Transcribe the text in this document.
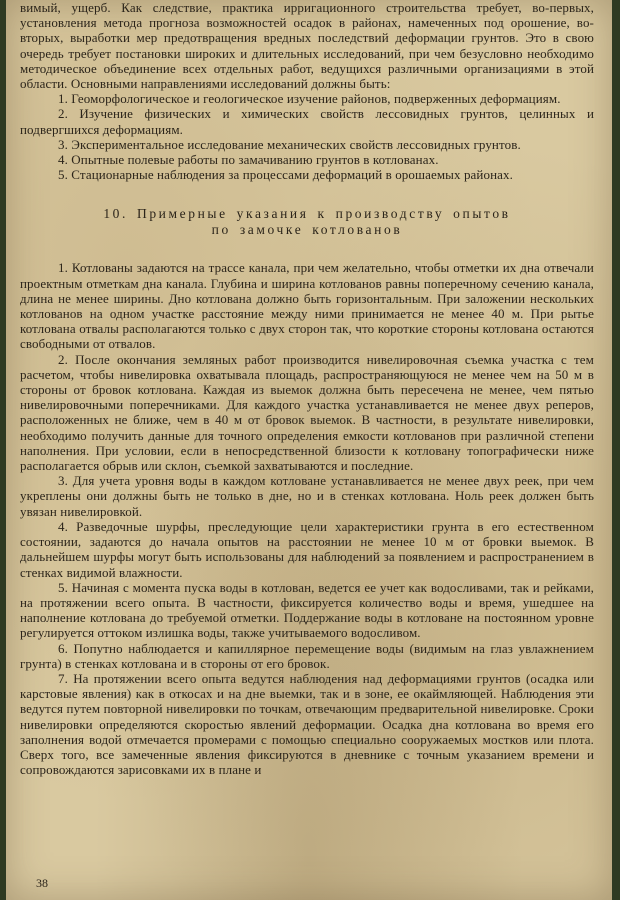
вимый, ущерб. Как следствие, практика ирригационного строительства требует, во-первых, установления метода прогноза возможностей осадок в районах, намеченных под орошение, во-вторых, выработки мер предотвращения вредных последствий деформации грунтов. Это в свою очередь требует постановки широких и длительных исследований, при чем безусловно необходимо методическое объединение всех отдельных работ, ведущихся различными организациями в этой области. Основными направлениями исследований должны быть:

1. Геоморфологическое и геологическое изучение районов, подверженных деформациям.

2. Изучение физических и химических свойств лессовидных грунтов, целинных и подвергшихся деформациям.

3. Экспериментальное исследование механических свойств лессовидных грунтов.

4. Опытные полевые работы по замачиванию грунтов в котлованах.

5. Стационарные наблюдения за процессами деформаций в орошаемых районах.

10. Примерные указания к производству опытов
по замочке котлованов

1. Котлованы задаются на трассе канала, при чем желательно, чтобы отметки их дна отвечали проектным отметкам дна канала. Глубина и ширина котлованов равны поперечному сечению канала, длина не менее ширины. Дно котлована должно быть горизонтальным. При заложении нескольких котлованов на одном участке расстояние между ними принимается не менее 40 м. При рытье котлована отвалы располагаются только с двух сторон так, что короткие стороны котлована остаются свободными от отвалов.

2. После окончания земляных работ производится нивелировочная съемка участка с тем расчетом, чтобы нивелировка охватывала площадь, распространяющуюся не менее чем на 50 м в стороны от бровок котлована. Каждая из выемок должна быть пересечена не менее, чем пятью нивелировочными поперечниками. Для каждого участка устанавливается не менее двух реперов, расположенных не ближе, чем в 40 м от бровок выемок. В частности, в результате нивелировки, необходимо получить данные для точного определения емкости котлованов при различной степени наполнения. При условии, если в непосредственной близости к котловану топографически ниже располагается обрыв или склон, съемкой захватываются и последние.

3. Для учета уровня воды в каждом котловане устанавливается не менее двух реек, при чем укреплены они должны быть не только в дне, но и в стенках котлована. Ноль реек должен быть увязан нивелировкой.

4. Разведочные шурфы, преследующие цели характеристики грунта в его естественном состоянии, задаются до начала опытов на расстоянии не менее 10 м от бровки выемок. В дальнейшем шурфы могут быть использованы для наблюдений за появлением и распространением в стенках видимой влажности.

5. Начиная с момента пуска воды в котлован, ведется ее учет как водосливами, так и рейками, на протяжении всего опыта. В частности, фиксируется количество воды и время, ушедшее на наполнение котлована до требуемой отметки. Поддержание воды в котловане на постоянном уровне регулируется оттоком излишка воды, также учитываемого водосливом.

6. Попутно наблюдается и капиллярное перемещение воды (видимым на глаз увлажнением грунта) в стенках котлована и в стороны от его бровок.

7. На протяжении всего опыта ведутся наблюдения над деформациями грунтов (осадка или карстовые явления) как в откосах и на дне выемки, так и в зоне, ее окаймляющей. Наблюдения эти ведутся путем повторной нивелировки по точкам, отвечающим предварительной нивелировке. Сроки нивелировки определяются скоростью явлений деформации. Осадка дна котлована во время его заполнения водой отмечается промерами с помощью специально сооружаемых мостков или плота. Сверх того, все замеченные явления фиксируются в дневнике с точным указанием времени и сопровождаются зарисовками их в плане и

38
